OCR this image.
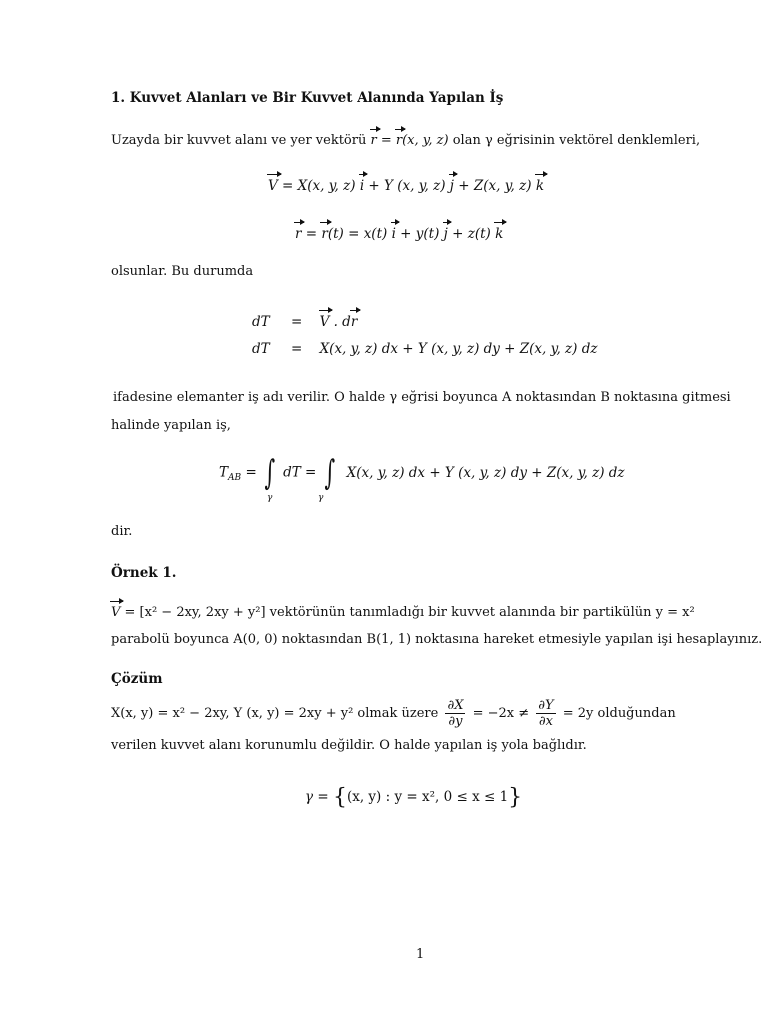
1. Kuvvet Alanları ve Bir Kuvvet Alanında Yapılan İş
Uzayda bir kuvvet alanı ve yer vektörü r = r(x, y, z) olan γ eğrisinin vektörel denklemleri,
V = X(x, y, z) i + Y (x, y, z) j + Z(x, y, z) k
r = r(t) = x(t) i + y(t) j + z(t) k
olsunlar. Bu durumda
dT = V . dr
dT = X(x, y, z) dx + Y (x, y, z) dy + Z(x, y, z) dz
ifadesine elemanter iş adı verilir. O halde γ eğrisi boyunca A noktasından B noktasına gitmesi
halinde yapılan iş,
$T_{AB}$ = ∫ dT = ∫ X(x, y, z) dx + Y (x, y, z) dy + Z(x, y, z) dz
γ	γ
dir.
Örnek 1.
V = [x² − 2xy, 2xy + y²] vektörünün tanımladığı bir kuvvet alanında bir partikülün y = x²
parabolü boyunca A(0, 0) noktasından B(1, 1) noktasına hareket etmesiyle yapılan işi hesaplayınız.
Çözüm
X(x, y) = x² − 2xy, Y (x, y) = 2xy + y² olmak üzere $\frac{\partial X}{\partial y} = -2x \ne \frac{\partial Y}{\partial x} = 2y$ olduğundan
verilen kuvvet alanı korunumlu değildir. O halde yapılan iş yola bağlıdır.
γ = {(x, y) : y = x², 0 ≤ x ≤ 1}
1
